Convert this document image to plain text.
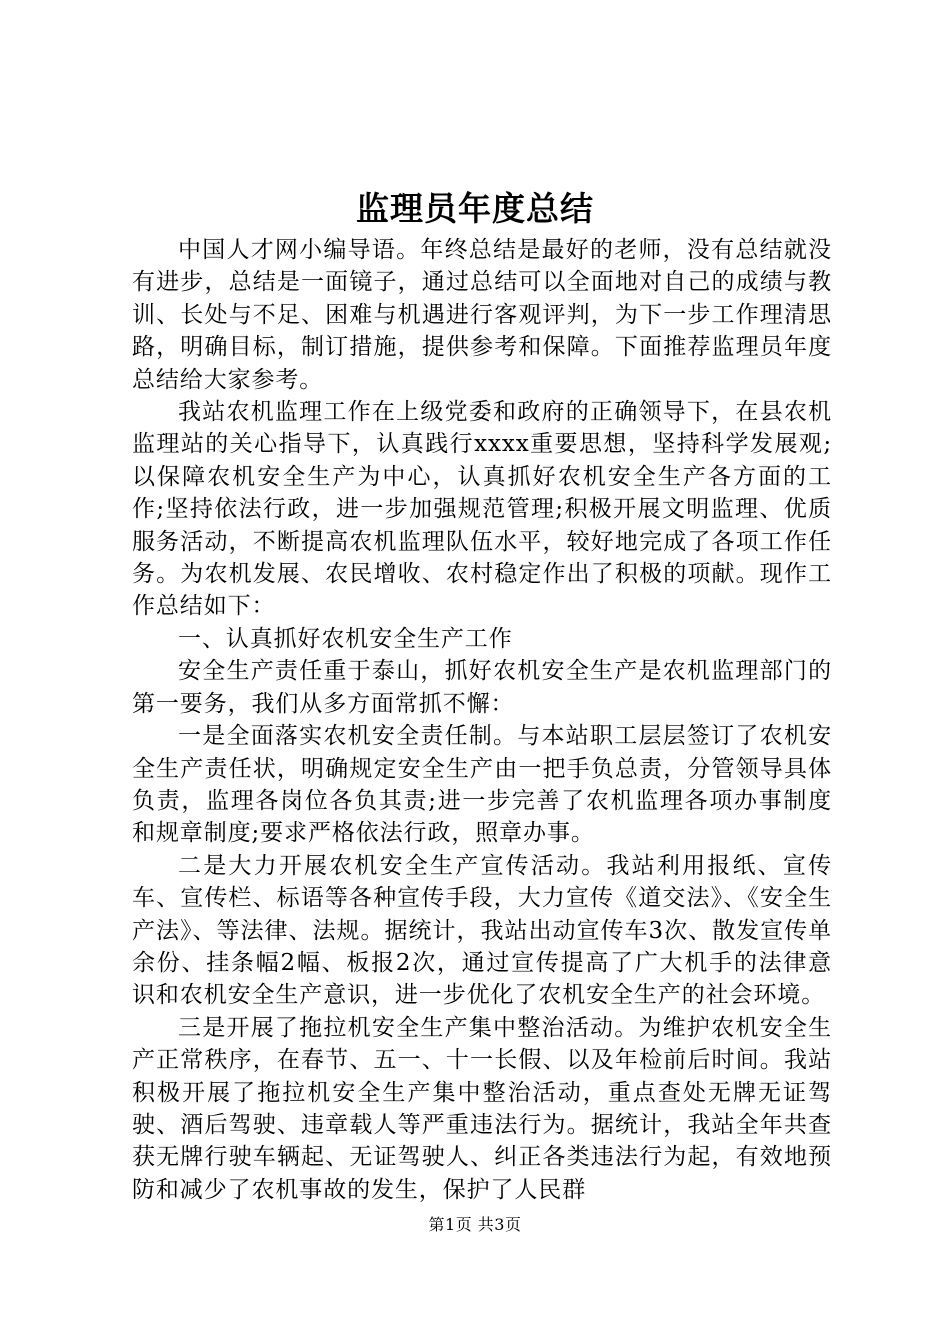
监理员年度总结

中国人才网小编导语。年终总结是最好的老师，没有总结就没有进步，总结是一面镜子，通过总结可以全面地对自己的成绩与教训、长处与不足、困难与机遇进行客观评判，为下一步工作理清思路，明确目标，制订措施，提供参考和保障。下面推荐监理员年度总结给大家参考。

我站农机监理工作在上级党委和政府的正确领导下，在县农机监理站的关心指导下，认真践行xxxx重要思想，坚持科学发展观;以保障农机安全生产为中心，认真抓好农机安全生产各方面的工作;坚持依法行政，进一步加强规范管理;积极开展文明监理、优质服务活动，不断提高农机监理队伍水平，较好地完成了各项工作任务。为农机发展、农民增收、农村稳定作出了积极的项献。现作工作总结如下：

一、认真抓好农机安全生产工作

安全生产责任重于泰山，抓好农机安全生产是农机监理部门的第一要务，我们从多方面常抓不懈：

一是全面落实农机安全责任制。与本站职工层层签订了农机安全生产责任状，明确规定安全生产由一把手负总责，分管领导具体负责，监理各岗位各负其责;进一步完善了农机监理各项办事制度和规章制度;要求严格依法行政，照章办事。

二是大力开展农机安全生产宣传活动。我站利用报纸、宣传车、宣传栏、标语等各种宣传手段，大力宣传《道交法》、《安全生产法》、等法律、法规。据统计，我站出动宣传车3次、散发宣传单余份、挂条幅2幅、板报2次，通过宣传提高了广大机手的法律意识和农机安全生产意识，进一步优化了农机安全生产的社会环境。

三是开展了拖拉机安全生产集中整治活动。为维护农机安全生产正常秩序，在春节、五一、十一长假、以及年检前后时间。我站积极开展了拖拉机安全生产集中整治活动，重点查处无牌无证驾驶、酒后驾驶、违章载人等严重违法行为。据统计，我站全年共查获无牌行驶车辆起、无证驾驶人、纠正各类违法行为起，有效地预防和减少了农机事故的发生，保护了人民群

第1页 共3页
